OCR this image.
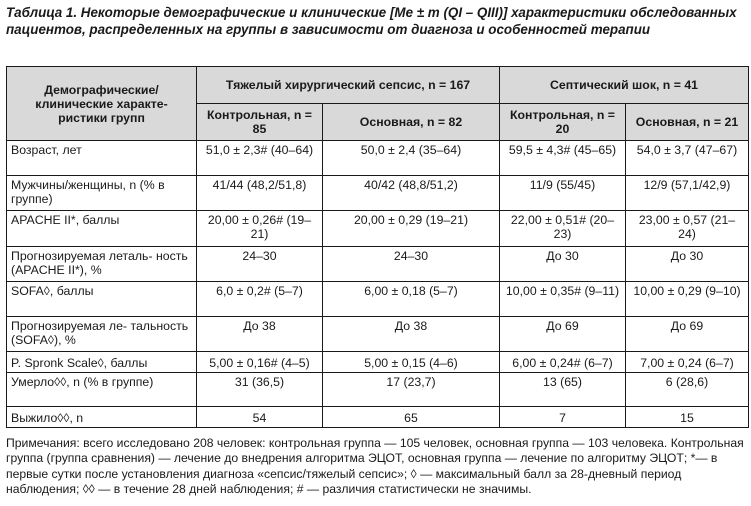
Таблица 1. Некоторые демографические и клинические [Me ± m (QI – QIII)] характеристики обследованных пациентов, распределенных на группы в зависимости от диагноза и особенностей терапии
Демографические/ клинические характе- ристики групп	Тяжелый хирургический сепсис, n = 167		Септический шок, n = 41	
	Контрольная, n = 85	Основная, n = 82	Контрольная, n = 20	Основная, n = 21
Возраст, лет	51,0 ± 2,3# (40–64)	50,0 ± 2,4 (35–64)	59,5 ± 4,3# (45–65)	54,0 ± 3,7 (47–67)
Мужчины/женщины, n (% в группе)	41/44 (48,2/51,8)	40/42 (48,8/51,2)	11/9 (55/45)	12/9 (57,1/42,9)
APACHE II*, баллы	20,00 ± 0,26# (19–21)	20,00 ± 0,29 (19–21)	22,00 ± 0,51# (20–23)	23,00 ± 0,57 (21–24)
Прогнозируемая леталь- ность (APACHE II*), %	24–30	24–30	До 30	До 30
SOFA◊, баллы	6,0 ± 0,2# (5–7)	6,00 ± 0,18 (5–7)	10,00 ± 0,35# (9–11)	10,00 ± 0,29 (9–10)
Прогнозируемая ле- тальность (SOFA◊), %	До 38	До 38	До 69	До 69
P. Spronk Scale◊, баллы	5,00 ± 0,16# (4–5)	5,00 ± 0,15 (4–6)	6,00 ± 0,24# (6–7)	7,00 ± 0,24 (6–7)
Умерло◊◊, n (% в группе)	31 (36,5)	17 (23,7)	13 (65)	6 (28,6)
Выжило◊◊, n	54	65	7	15
Примечания: всего исследовано 208 человек: контрольная группа — 105 человек, основная группа — 103 человека. Контрольная группа (группа сравнения) — лечение до внедрения алгоритма ЭЦОТ, основная группа — лечение по алгоритму ЭЦОТ; *— в первые сутки после установления диагноза «сепсис/тяжелый сепсис»; ◊ — максимальный балл за 28-дневный период наблюдения; ◊◊ — в течение 28 дней наблюдения; # — различия статистически не значимы.
